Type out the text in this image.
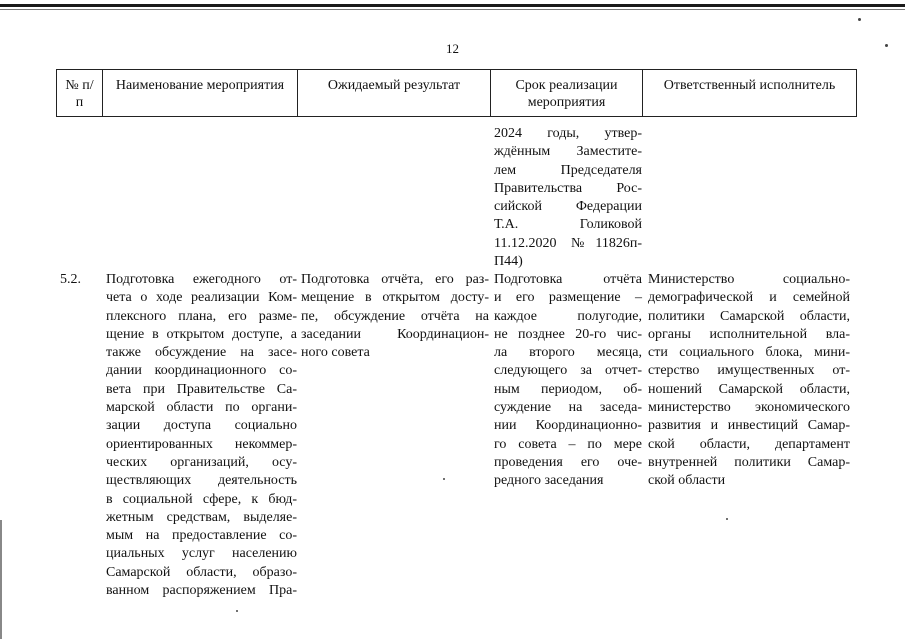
12
№ п/п
Наименование мероприятия	Ожидаемый результат	Срок реализации мероприятия
Ответственный исполнитель

2024 годы, утвер-

ждённым Заместите-

лем Председателя

Правительства Рос-

сийской Федерации

Т.А. Голиковой

11.12.2020 №11826п-

П44)

5.2. Подготовка ежегодного от-

чета о ходе реализации Ком-

плексного плана, его разме-

щение в открытом доступе, а

также обсуждение на засе-

дании координационного со-

вета при Правительстве Са-

марской области по органи-

зации доступа социально

ориентированных некоммер-

ческих организаций, осу-

ществляющих деятельность

в социальной сфере, к бюд-

жетным средствам, выделяе-

мым на предоставление со-

циальных услуг населению

Самарской области, образо-

ванном распоряжением Пра-

Подготовка отчёта, его раз-

мещение в открытом досту-

пе, обсуждение отчёта на

заседании Координацион-

ного совета

Подготовка отчёта

и его размещение –

каждое полугодие,

не позднее 20-го чис-

ла второго месяца,

следующего за отчет-

ным периодом, об-

суждение на заседа-

нии Координационно-

го совета – по мере

проведения его оче-

редного заседания

Министерство социально-

демографической и семейной

политики Самарской области,

органы исполнительной вла-

сти социального блока, мини-

стерство имущественных от-

ношений Самарской области,

министерство экономического

развития и инвестиций Самар-

ской области, департамент

внутренней политики Самар-

ской области
